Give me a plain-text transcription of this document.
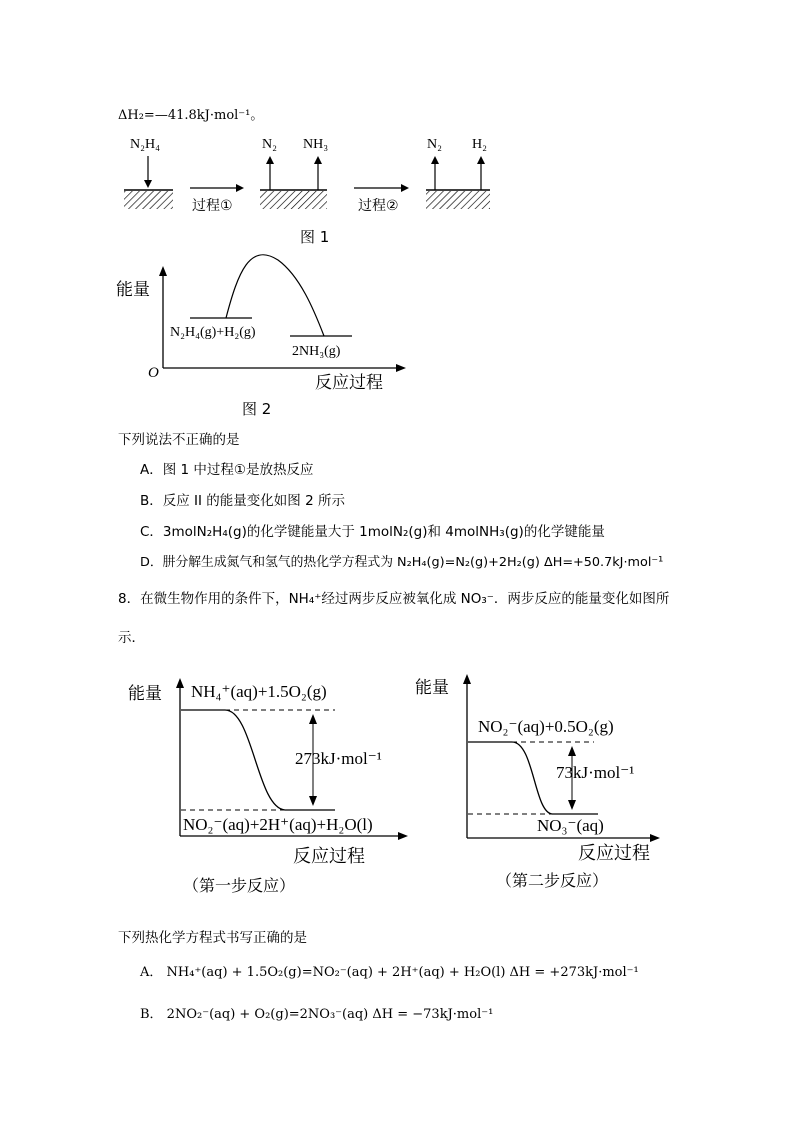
ΔH₂=—41.8kJ·mol⁻¹。
N₂H₄
过程①
N₂ NH₃
过程②
N₂ H₂
图 1
能量
O
N₂H₄(g)+H₂(g)
2NH₃(g)
反应过程
图 2
下列说法不正确的是
A．图 1 中过程①是放热反应
B．反应 II 的能量变化如图 2 所示
C．3molN₂H₄(g)的化学键能量大于 1molN₂(g)和 4molNH₃(g)的化学键能量
D．肼分解生成氮气和氢气的热化学方程式为 N₂H₄(g)=N₂(g)+2H₂(g) ΔH=+50.7kJ·mol⁻¹
8．在微生物作用的条件下，NH₄⁺经过两步反应被氧化成 NO₃⁻．两步反应的能量变化如图所
示．
能量 NH₄⁺(aq)+1.5O₂(g)
273kJ·mol⁻¹
NO₂⁻(aq)+2H⁺(aq)+H₂O(l)
反应过程
（第一步反应）
能量
NO₂⁻(aq)+0.5O₂(g)
73kJ·mol⁻¹
NO₃⁻(aq)
反应过程
（第二步反应）
下列热化学方程式书写正确的是
A． NH₄⁺(aq) + 1.5O₂(g)=NO₂⁻(aq) + 2H⁺(aq) + H₂O(l) ΔH = +273kJ·mol⁻¹
B． 2NO₂⁻(aq) + O₂(g)=2NO₃⁻(aq) ΔH = −73kJ·mol⁻¹
